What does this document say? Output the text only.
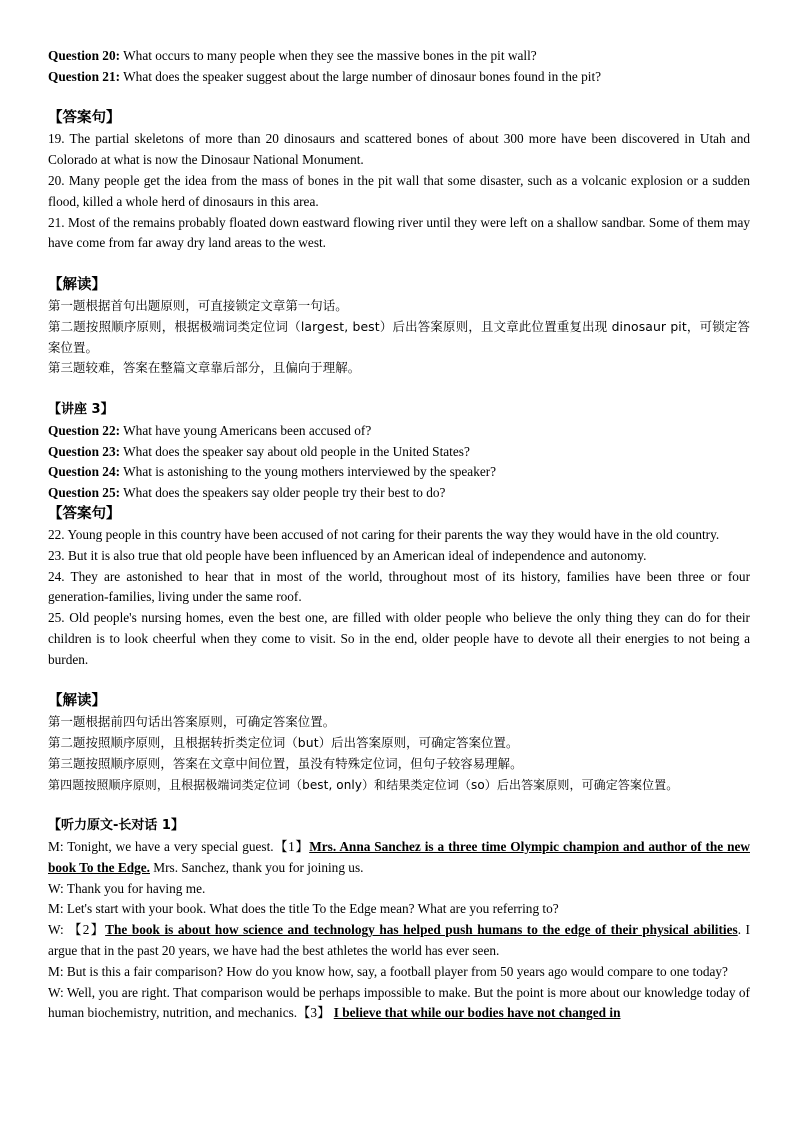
Question 20: What occurs to many people when they see the massive bones in the pit wall?

Question 21: What does the speaker suggest about the large number of dinosaur bones found in the pit?

【答案句】

19. The partial skeletons of more than 20 dinosaurs and scattered bones of about 300 more have been discovered in Utah and Colorado at what is now the Dinosaur National Monument.

20. Many people get the idea from the mass of bones in the pit wall that some disaster, such as a volcanic explosion or a sudden flood, killed a whole herd of dinosaurs in this area.

21. Most of the remains probably floated down eastward flowing river until they were left on a shallow sandbar. Some of them may have come from far away dry land areas to the west.

【解读】

第一题根据首句出题原则，可直接锁定文章第一句话。

第二题按照顺序原则，根据极端词类定位词（largest, best）后出答案原则，且文章此位置重复出现 dinosaur pit，可锁定答案位置。

第三题较难，答案在整篇文章靠后部分，且偏向于理解。

【讲座 3】

Question 22: What have young Americans been accused of?

Question 23: What does the speaker say about old people in the United States?

Question 24: What is astonishing to the young mothers interviewed by the speaker?

Question 25: What does the speakers say older people try their best to do?

【答案句】

22. Young people in this country have been accused of not caring for their parents the way they would have in the old country.

23. But it is also true that old people have been influenced by an American ideal of independence and autonomy.

24. They are astonished to hear that in most of the world, throughout most of its history, families have been three or four generation-families, living under the same roof.

25. Old people's nursing homes, even the best one, are filled with older people who believe the only thing they can do for their children is to look cheerful when they come to visit. So in the end, older people have to devote all their energies to not being a burden.

【解读】

第一题根据前四句话出答案原则，可确定答案位置。

第二题按照顺序原则，且根据转折类定位词（but）后出答案原则，可确定答案位置。

第三题按照顺序原则，答案在文章中间位置，虽没有特殊定位词，但句子较容易理解。

第四题按照顺序原则，且根据极端词类定位词（best, only）和结果类定位词（so）后出答案原则，可确定答案位置。

【听力原文-长对话 1】

M: Tonight, we have a very special guest.【1】Mrs. Anna Sanchez is a three time Olympic champion and author of the new book To the Edge. Mrs. Sanchez, thank you for joining us.

W: Thank you for having me.

M: Let's start with your book. What does the title To the Edge mean? What are you referring to?

W: 【2】The book is about how science and technology has helped push humans to the edge of their physical abilities. I argue that in the past 20 years, we have had the best athletes the world has ever seen.

M: But is this a fair comparison? How do you know how, say, a football player from 50 years ago would compare to one today?

W: Well, you are right. That comparison would be perhaps impossible to make. But the point is more about our knowledge today of human biochemistry, nutrition, and mechanics.【3】 I believe that while our bodies have not changed in
